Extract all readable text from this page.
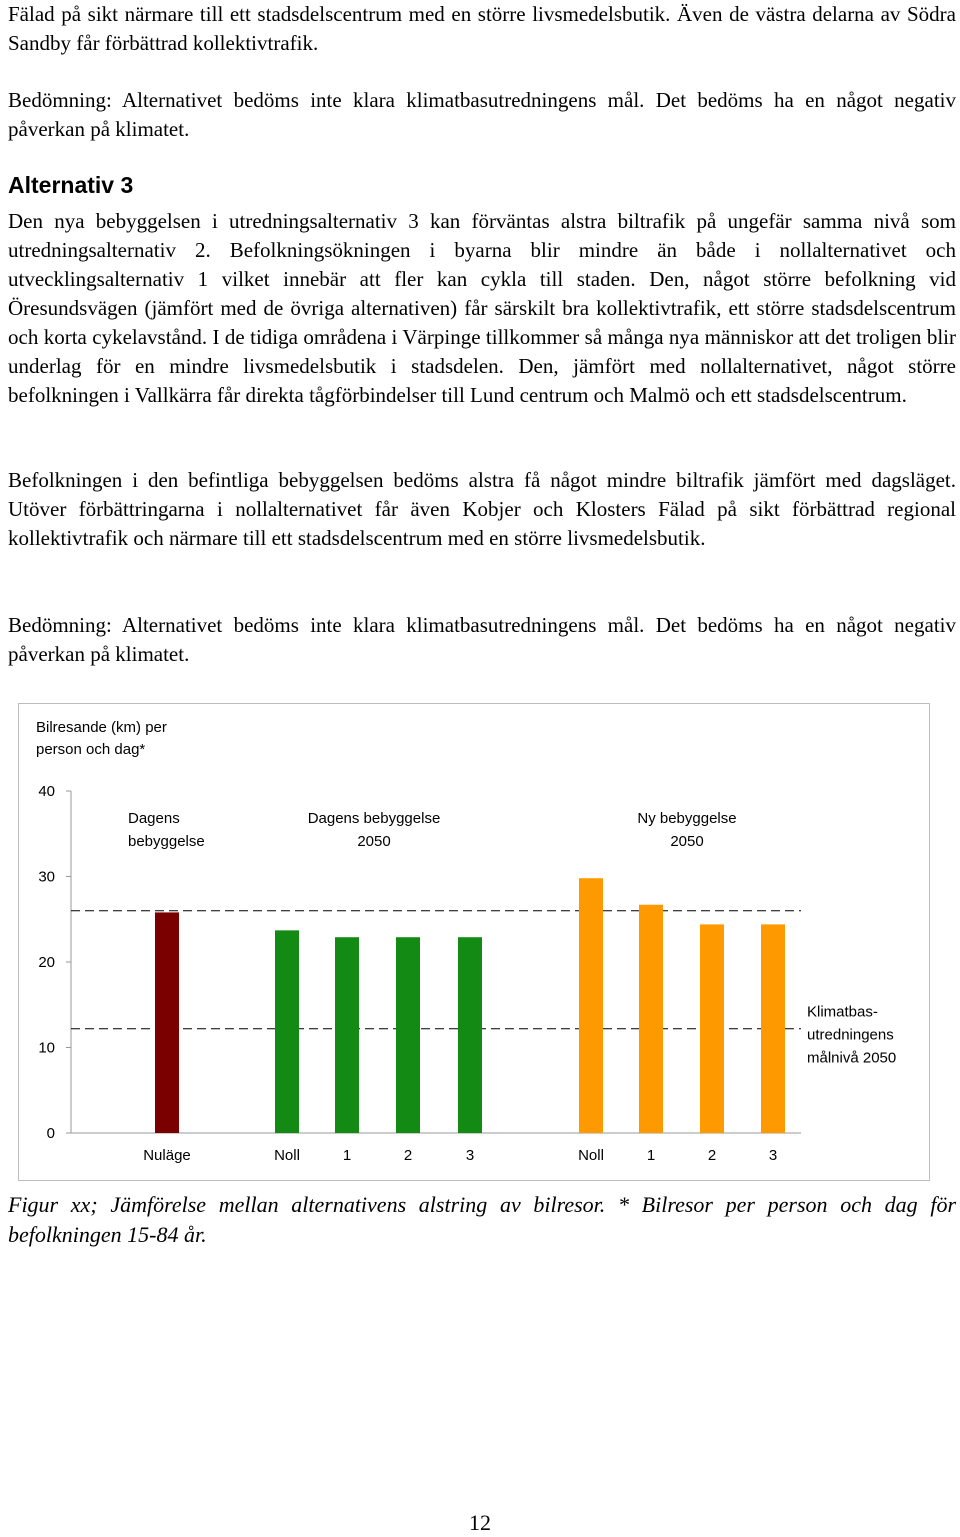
Fälad på sikt närmare till ett stadsdelscentrum med en större livsmedelsbutik. Även de västra delarna av Södra Sandby får förbättrad kollektivtrafik.

Bedömning: Alternativet bedöms inte klara klimatbasutredningens mål. Det bedöms ha en något negativ påverkan på klimatet.

Alternativ 3

Den nya bebyggelsen i utredningsalternativ 3 kan förväntas alstra biltrafik på ungefär samma nivå som utredningsalternativ 2. Befolkningsökningen i byarna blir mindre än både i nollalternativet och utvecklingsalternativ 1 vilket innebär att fler kan cykla till staden. Den, något större befolkning vid Öresundsvägen (jämfört med de övriga alternativen) får särskilt bra kollektivtrafik, ett större stadsdelscentrum och korta cykelavstånd. I de tidiga områdena i Värpinge tillkommer så många nya människor att det troligen blir underlag för en mindre livsmedelsbutik i stadsdelen. Den, jämfört med nollalternativet, något större befolkningen i Vallkärra får direkta tågförbindelser till Lund centrum och Malmö och ett stadsdelscentrum.

Befolkningen i den befintliga bebyggelsen bedöms alstra få något mindre biltrafik jämfört med dagsläget. Utöver förbättringarna i nollalternativet får även Kobjer och Klosters Fälad på sikt förbättrad regional kollektivtrafik och närmare till ett stadsdelscentrum med en större livsmedelsbutik.

Bedömning: Alternativet bedöms inte klara klimatbasutredningens mål. Det bedöms ha en något negativ påverkan på klimatet.

Bilresande (km) per
person och dag*
0
10
20
30
40
Klimatbas-
utredningens
målnivå 2050
Nuläge	Noll	1	2	3	Noll	1	2	3
Dagens
bebyggelse
Dagens bebyggelse
2050
Ny bebyggelse
2050

Figur xx; Jämförelse mellan alternativens alstring av bilresor. * Bilresor per person och dag för befolkningen 15-84 år.

12
